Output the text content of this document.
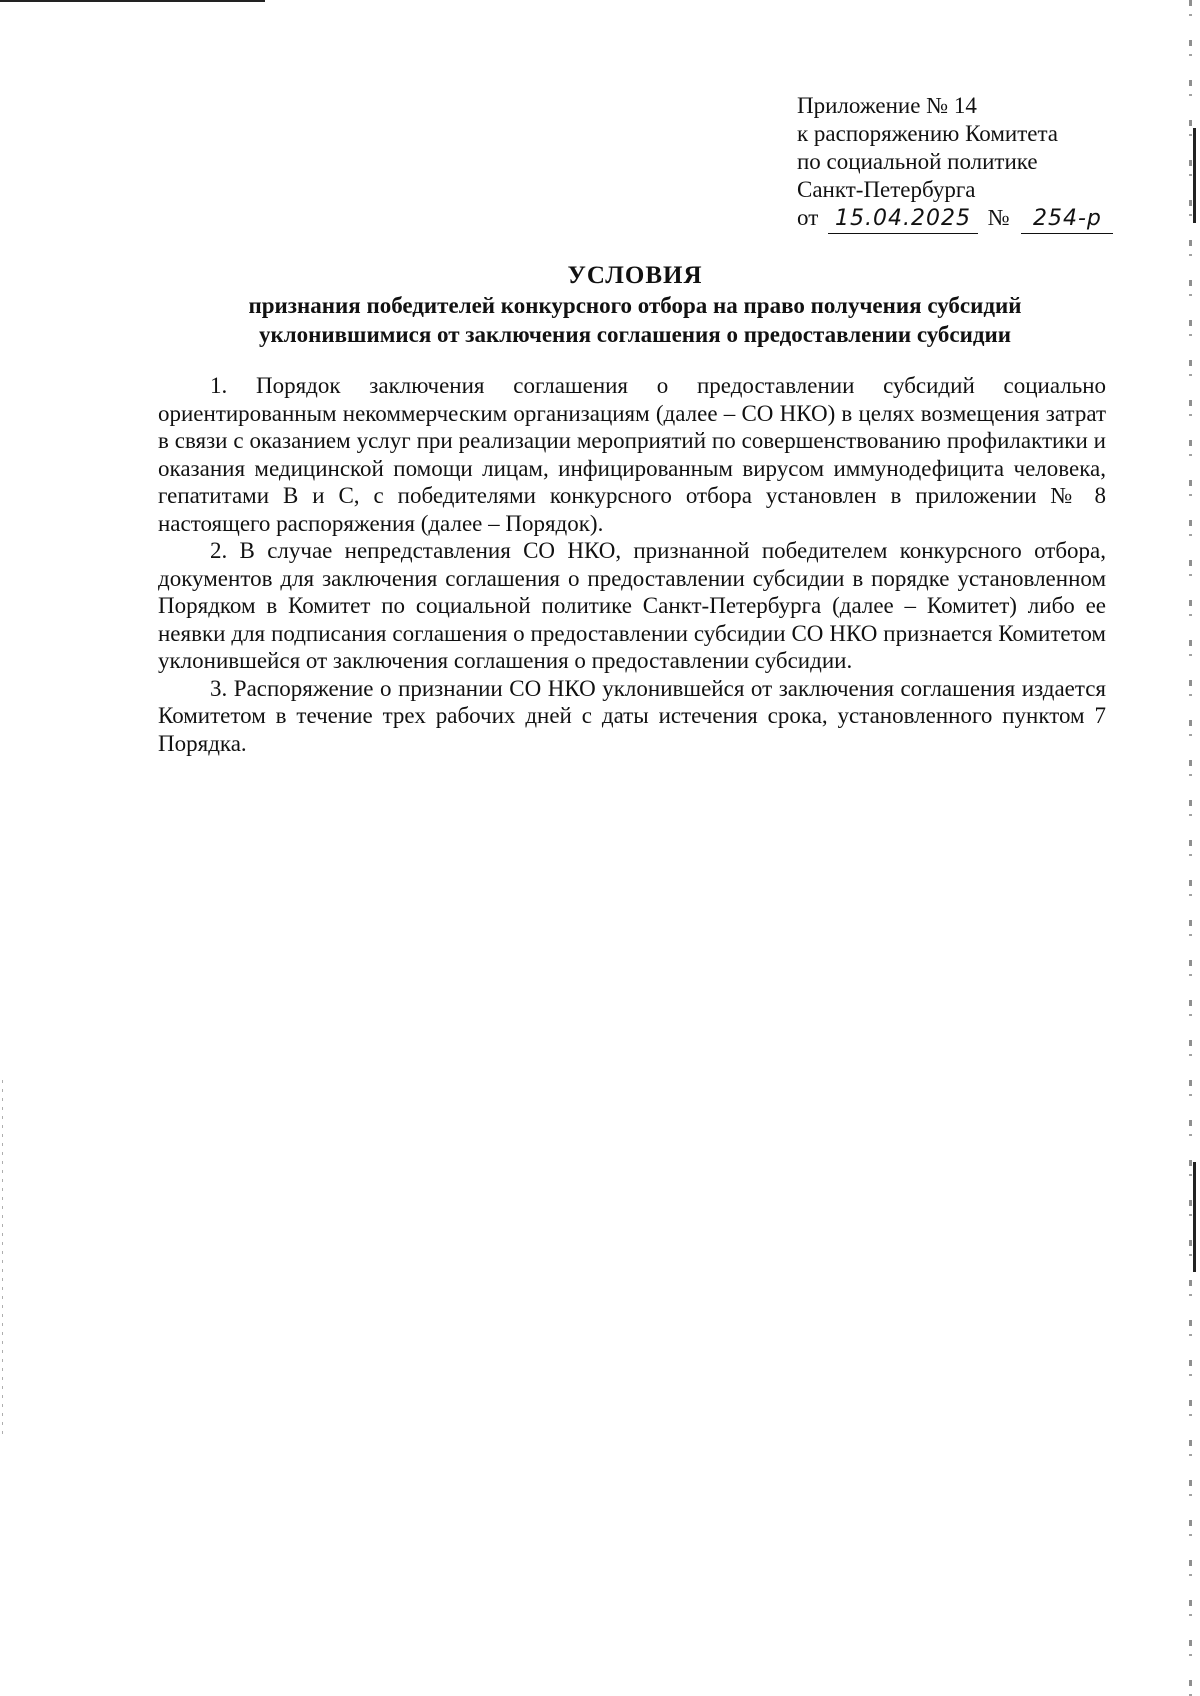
Приложение № 14
к распоряжению Комитета
по социальной политике
Санкт-Петербурга
от 15.04.2025 № 254-р
УСЛОВИЯ
признания победителей конкурсного отбора на право получения субсидий
уклонившимися от заключения соглашения о предоставлении субсидии

1. Порядок заключения соглашения о предоставлении субсидий социально ориентированным некоммерческим организациям (далее – СО НКО) в целях возмещения затрат в связи с оказанием услуг при реализации мероприятий по совершенствованию профилактики и оказания медицинской помощи лицам, инфицированным вирусом иммунодефицита человека, гепатитами В и С, с победителями конкурсного отбора установлен в приложении № 8 настоящего распоряжения (далее – Порядок).

2. В случае непредставления СО НКО, признанной победителем конкурсного отбора, документов для заключения соглашения о предоставлении субсидии в порядке установленном Порядком в Комитет по социальной политике Санкт-Петербурга (далее – Комитет) либо ее неявки для подписания соглашения о предоставлении субсидии СО НКО признается Комитетом уклонившейся от заключения соглашения о предоставлении субсидии.

3. Распоряжение о признании СО НКО уклонившейся от заключения соглашения издается Комитетом в течение трех рабочих дней с даты истечения срока, установленного пунктом 7 Порядка.
